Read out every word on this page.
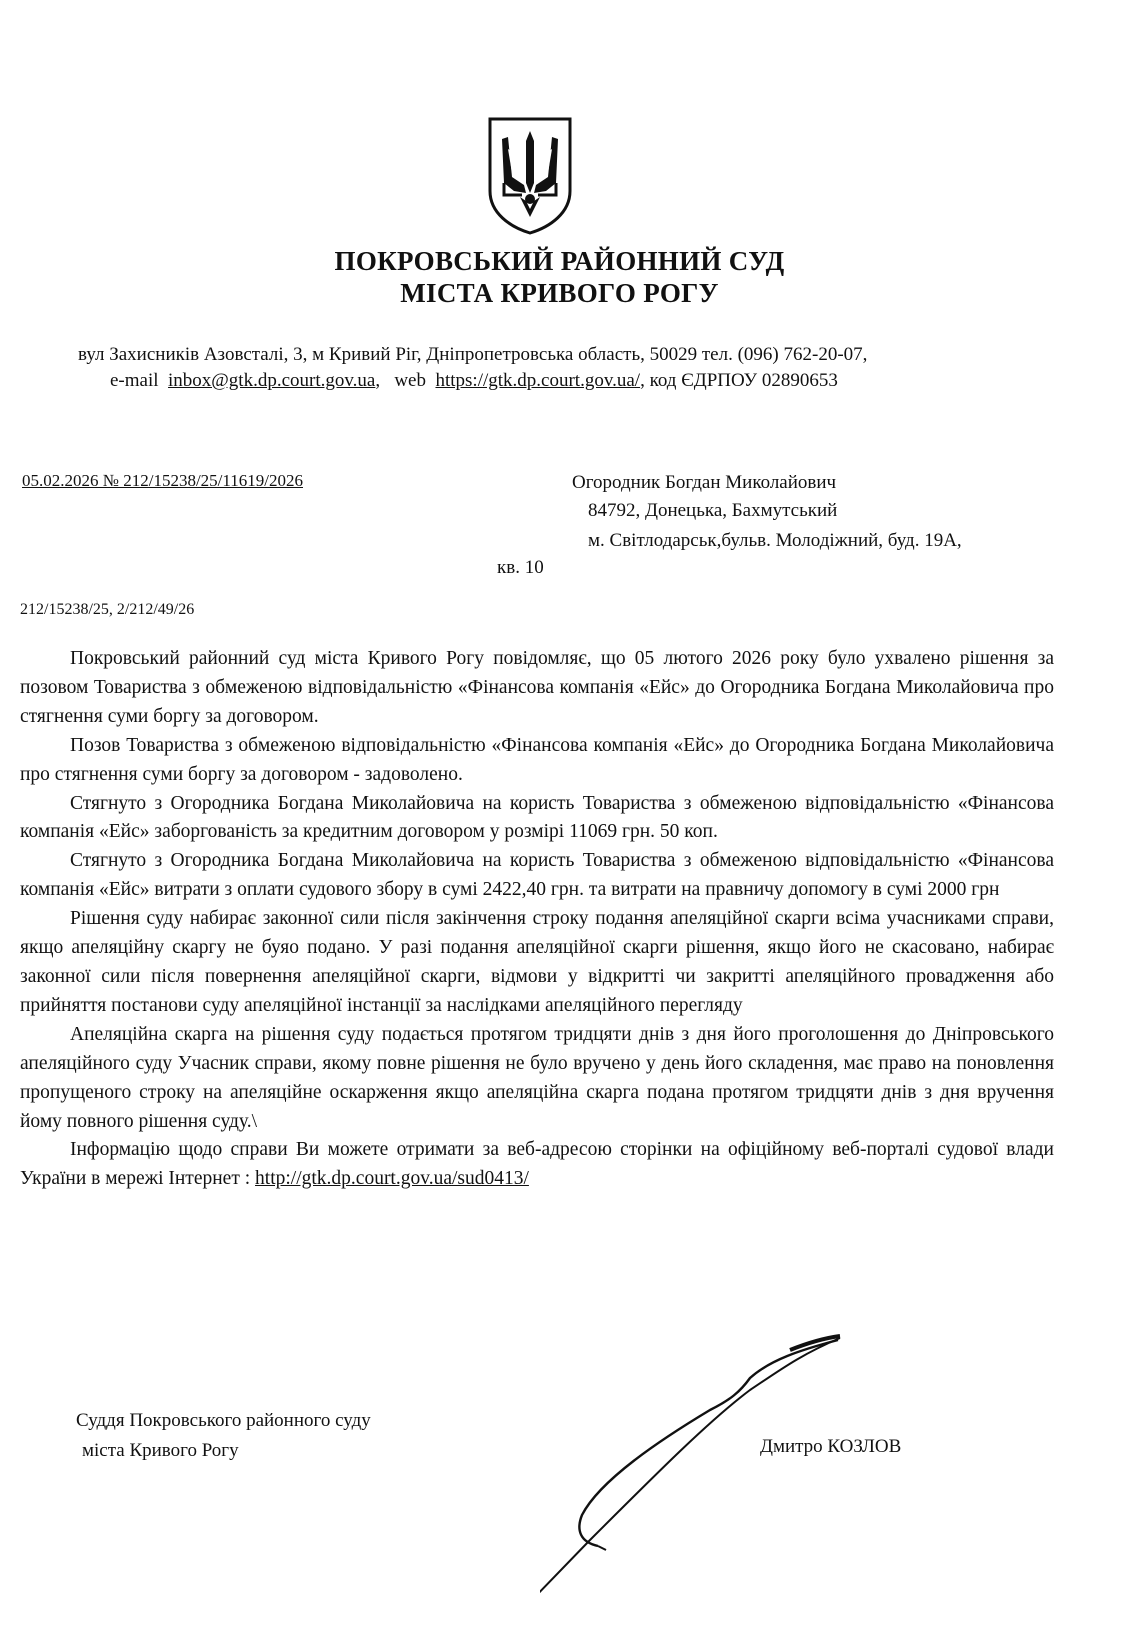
ПОКРОВСЬКИЙ РАЙОННИЙ СУД
МІСТА КРИВОГО РОГУ
вул Захисників Азовсталі, 3, м Кривий Ріг, Дніпропетровська область, 50029 тел. (096) 762-20-07,
e-mail inbox@gtk.dp.court.gov.ua,   web https://gtk.dp.court.gov.ua/, код ЄДРПОУ 02890653
05.02.2026 № 212/15238/25/11619/2026	Огородник Богдан Миколайович
84792, Донецька, Бахмутський
м. Світлодарськ,бульв. Молодіжний, буд. 19А,
кв. 10
212/15238/25, 2/212/49/26

Покровський районний суд міста Кривого Рогу повідомляє, що 05 лютого 2026 року було ухвалено рішення за позовом Товариства з обмеженою відповідальністю «Фінансова компанія «Ейс» до Огородника Богдана Миколайовича про стягнення суми боргу за договором.

Позов Товариства з обмеженою відповідальністю «Фінансова компанія «Ейс» до Огородника Богдана Миколайовича про стягнення суми боргу за договором - задоволено.

Стягнуто з Огородника Богдана Миколайовича на користь Товариства з обмеженою відповідальністю «Фінансова компанія «Ейс» заборгованість за кредитним договором у розмірі 11069 грн. 50 коп.

Стягнуто з Огородника Богдана Миколайовича на користь Товариства з обмеженою відповідальністю «Фінансова компанія «Ейс» витрати з оплати судового збору в сумі 2422,40 грн. та витрати на правничу допомогу в сумі 2000 грн

Рішення суду набирає законної сили після закінчення строку подання апеляційної скарги всіма учасниками справи, якщо апеляційну скаргу не буяо подано. У разі подання апеляційної скарги рішення, якщо його не скасовано, набирає законної сили після повернення апеляційної скарги, відмови у відкритті чи закритті апеляційного провадження або прийняття постанови суду апеляційної інстанції за наслідками апеляційного перегляду

Апеляційна скарга на рішення суду подається протягом тридцяти днів з дня його проголошення до Дніпровського апеляційного суду Учасник справи, якому повне рішення не було вручено у день його складення, має право на поновлення пропущеного строку на апеляційне оскарження якщо апеляційна скарга подана протягом тридцяти днів з дня вручення йому повного рішення суду.\

Інформацію щодо справи Ви можете отримати за веб-адресою сторінки на офіційному веб-порталі судової влади України в мережі Інтернет : http://gtk.dp.court.gov.ua/sud0413/

Суддя Покровського районного суду
міста Кривого Рогу	Дмитро КОЗЛОВ
